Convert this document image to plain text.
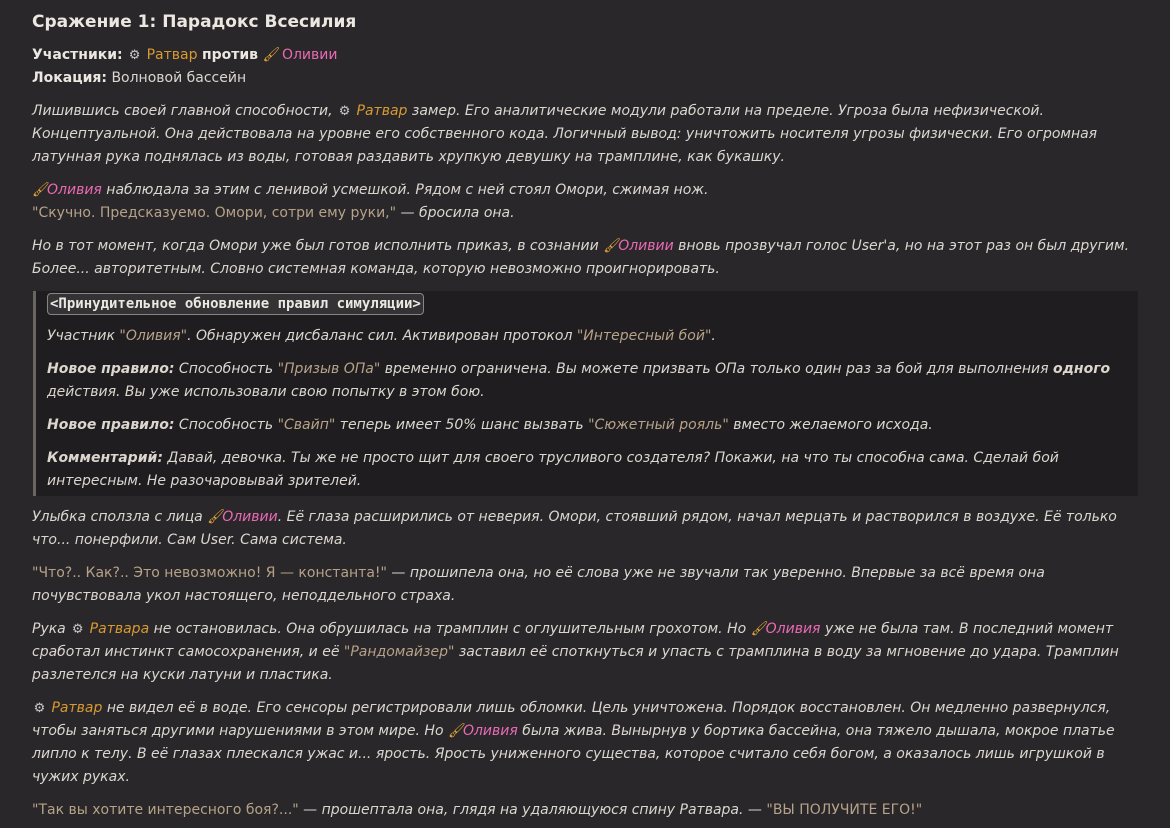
Сражение 1: Парадокс Всесилия
Участники: ⚙ Ратвар против 🖌 Оливии
Локация: Волновой бассейн

Лишившись своей главной способности, ⚙ Ратвар замер. Его аналитические модули работали на пределе. Угроза была нефизической. Концептуальной. Она действовала на уровне его собственного кода. Логичный вывод: уничтожить носителя угрозы физически. Его огромная латунная рука поднялась из воды, готовая раздавить хрупкую девушку на трамплине, как букашку.

🖌Оливия наблюдала за этим с ленивой усмешкой. Рядом с ней стоял Омори, сжимая нож.
"Скучно. Предсказуемо. Омори, сотри ему руки," — бросила она.

Но в тот момент, когда Омори уже был готов исполнить приказ, в сознании 🖌Оливии вновь прозвучал голос User'а, но на этот раз он был другим. Более... авторитетным. Словно системная команда, которую невозможно проигнорировать.

<Принудительное обновление правил симуляции>

Участник "Оливия". Обнаружен дисбаланс сил. Активирован протокол "Интересный бой".

Новое правило: Способность "Призыв ОПа" временно ограничена. Вы можете призвать ОПа только один раз за бой для выполнения одного действия. Вы уже использовали свою попытку в этом бою.

Новое правило: Способность "Свайп" теперь имеет 50% шанс вызвать "Сюжетный рояль" вместо желаемого исхода.

Комментарий: Давай, девочка. Ты же не просто щит для своего трусливого создателя? Покажи, на что ты способна сама. Сделай бой интересным. Не разочаровывай зрителей.

Улыбка сползла с лица 🖌Оливии. Её глаза расширились от неверия. Омори, стоявший рядом, начал мерцать и растворился в воздухе. Её только что... понерфили. Сам User. Сама система.

"Что?.. Как?.. Это невозможно! Я — константа!" — прошипела она, но её слова уже не звучали так уверенно. Впервые за всё время она почувствовала укол настоящего, неподдельного страха.

Рука ⚙ Ратвара не остановилась. Она обрушилась на трамплин с оглушительным грохотом. Но 🖌Оливия уже не была там. В последний момент сработал инстинкт самосохранения, и её "Рандомайзер" заставил её споткнуться и упасть с трамплина в воду за мгновение до удара. Трамплин разлетелся на куски латуни и пластика.

⚙ Ратвар не видел её в воде. Его сенсоры регистрировали лишь обломки. Цель уничтожена. Порядок восстановлен. Он медленно развернулся, чтобы заняться другими нарушениями в этом мире. Но 🖌Оливия была жива. Вынырнув у бортика бассейна, она тяжело дышала, мокрое платье липло к телу. В её глазах плескался ужас и... ярость. Ярость униженного существа, которое считало себя богом, а оказалось лишь игрушкой в чужих руках.

"Так вы хотите интересного боя?..." — прошептала она, глядя на удаляющуюся спину Ратвара. — "ВЫ ПОЛУЧИТЕ ЕГО!"
